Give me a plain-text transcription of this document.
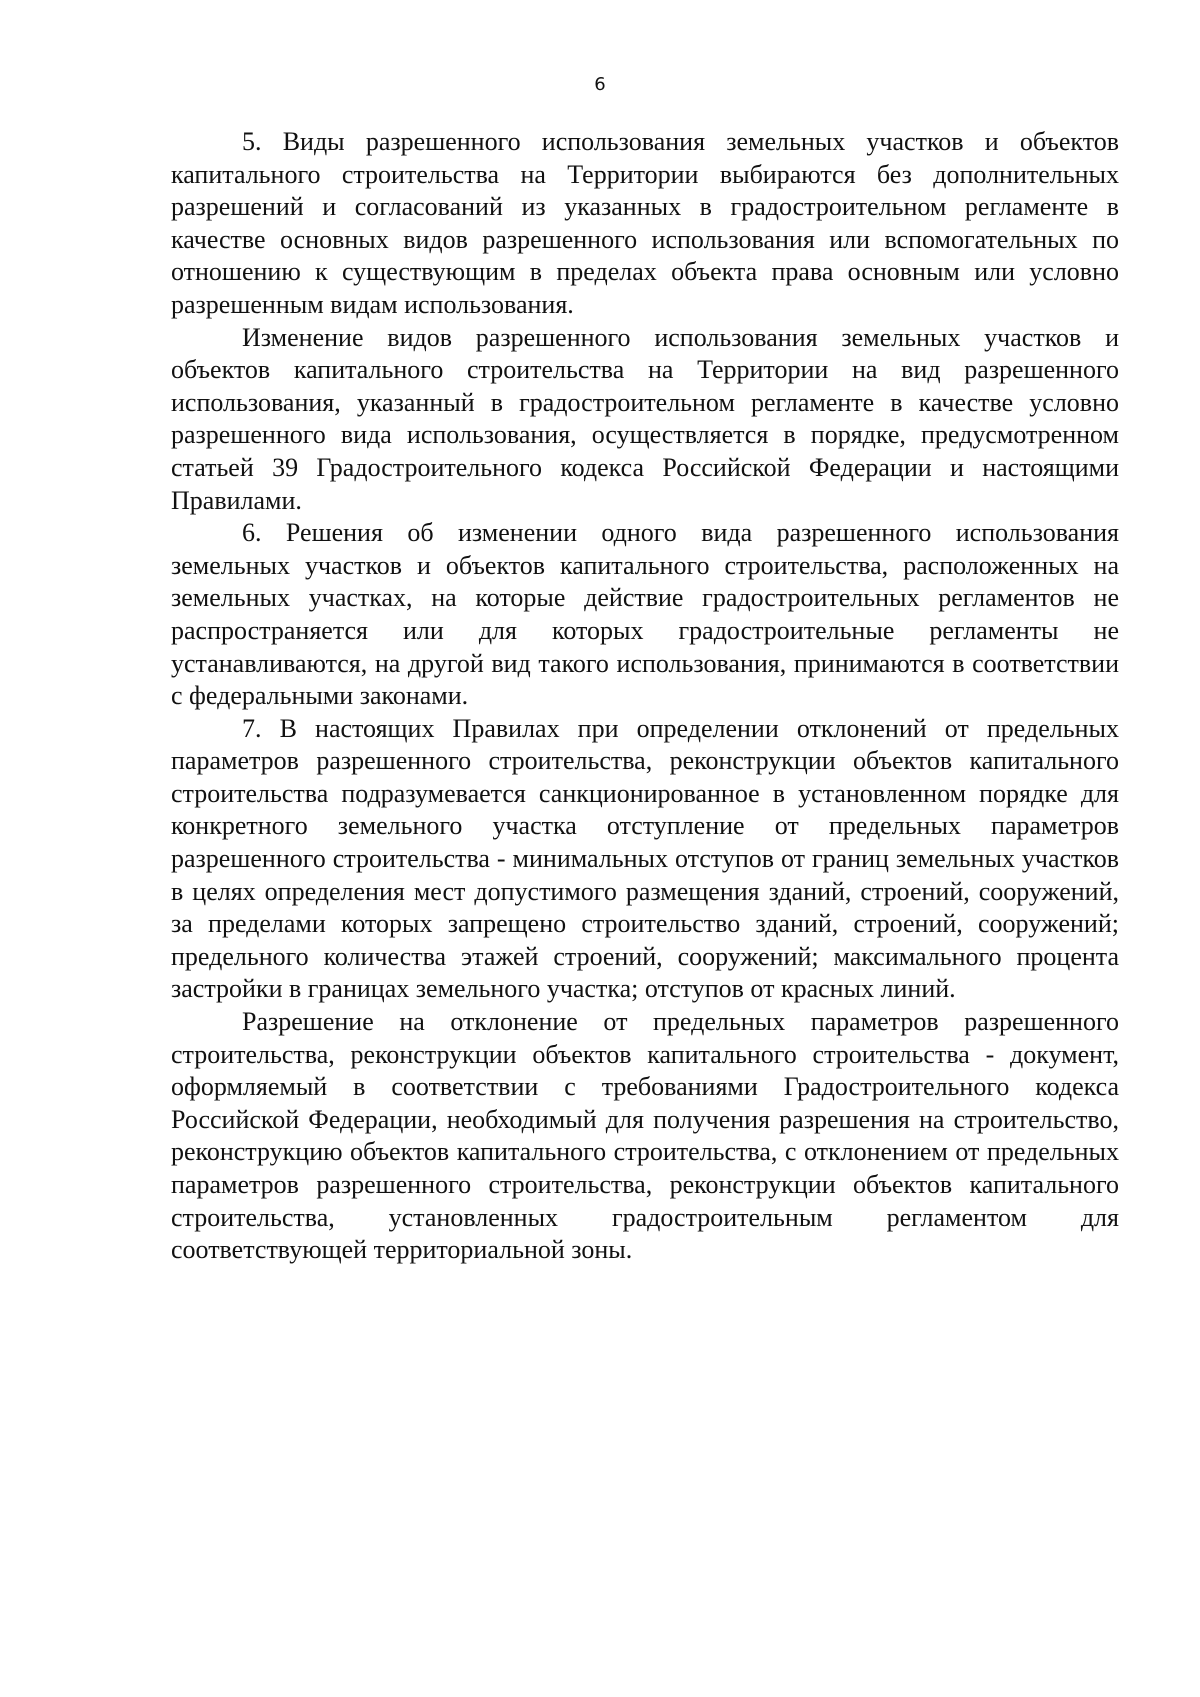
6

5. Виды разрешенного использования земельных участков и объектов капитального строительства на Территории выбираются без дополнительных разрешений и согласований из указанных в градостроительном регламенте в качестве основных видов разрешенного использования или вспомогательных по отношению к существующим в пределах объекта права основным или условно разрешенным видам использования.

Изменение видов разрешенного использования земельных участков и объектов капитального строительства на Территории на вид разрешенного использования, указанный в градостроительном регламенте в качестве условно разрешенного вида использования, осуществляется в порядке, предусмотренном статьей 39 Градостроительного кодекса Российской Федерации и настоящими Правилами.

6. Решения об изменении одного вида разрешенного использования земельных участков и объектов капитального строительства, расположенных на земельных участках, на которые действие градостроительных регламентов не распространяется или для которых градостроительные регламенты не устанавливаются, на другой вид такого использования, принимаются в соответствии с федеральными законами.

7. В настоящих Правилах при определении отклонений от предельных параметров разрешенного строительства, реконструкции объектов капитального строительства подразумевается санкционированное в установленном порядке для конкретного земельного участка отступление от предельных параметров разрешенного строительства - минимальных отступов от границ земельных участков в целях определения мест допустимого размещения зданий, строений, сооружений, за пределами которых запрещено строительство зданий, строений, сооружений; предельного количества этажей строений, сооружений; максимального процента застройки в границах земельного участка; отступов от красных линий.

Разрешение на отклонение от предельных параметров разрешенного строительства, реконструкции объектов капитального строительства - документ, оформляемый в соответствии с требованиями Градостроительного кодекса Российской Федерации, необходимый для получения разрешения на строительство, реконструкцию объектов капитального строительства, с отклонением от предельных параметров разрешенного строительства, реконструкции объектов капитального строительства, установленных градостроительным регламентом для соответствующей территориальной зоны.
